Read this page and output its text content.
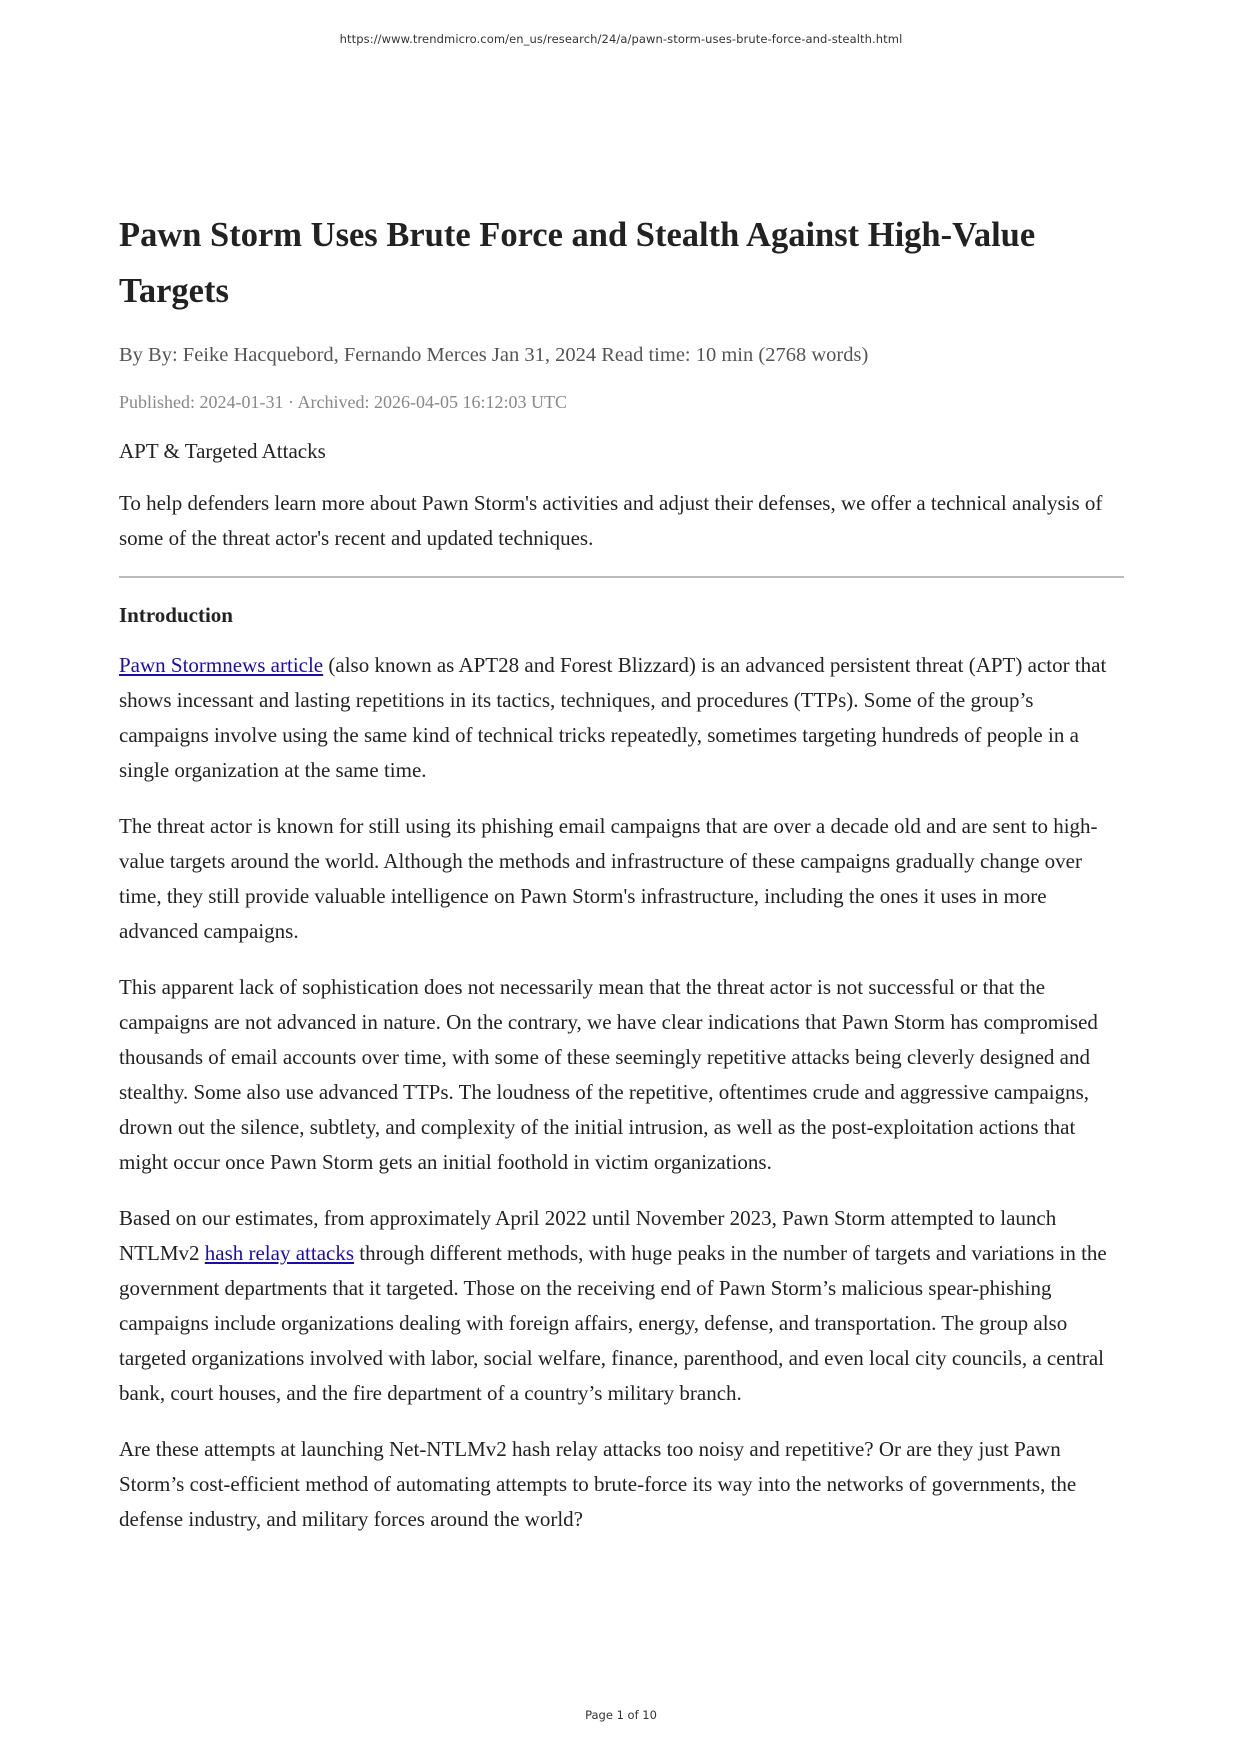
https://www.trendmicro.com/en_us/research/24/a/pawn-storm-uses-brute-force-and-stealth.html
Pawn Storm Uses Brute Force and Stealth Against High-Value Targets
By By: Feike Hacquebord, Fernando Merces Jan 31, 2024 Read time: 10 min (2768 words)
Published: 2024-01-31 · Archived: 2026-04-05 16:12:03 UTC
APT & Targeted Attacks
To help defenders learn more about Pawn Storm's activities and adjust their defenses, we offer a technical analysis of some of the threat actor's recent and updated techniques.
Introduction

Pawn Stormnews article (also known as APT28 and Forest Blizzard) is an advanced persistent threat (APT) actor that shows incessant and lasting repetitions in its tactics, techniques, and procedures (TTPs). Some of the group’s campaigns involve using the same kind of technical tricks repeatedly, sometimes targeting hundreds of people in a single organization at the same time.

The threat actor is known for still using its phishing email campaigns that are over a decade old and are sent to high-value targets around the world. Although the methods and infrastructure of these campaigns gradually change over time, they still provide valuable intelligence on Pawn Storm's infrastructure, including the ones it uses in more advanced campaigns.

This apparent lack of sophistication does not necessarily mean that the threat actor is not successful or that the campaigns are not advanced in nature. On the contrary, we have clear indications that Pawn Storm has compromised thousands of email accounts over time, with some of these seemingly repetitive attacks being cleverly designed and stealthy. Some also use advanced TTPs. The loudness of the repetitive, oftentimes crude and aggressive campaigns, drown out the silence, subtlety, and complexity of the initial intrusion, as well as the post-exploitation actions that might occur once Pawn Storm gets an initial foothold in victim organizations.

Based on our estimates, from approximately April 2022 until November 2023, Pawn Storm attempted to launch NTLMv2 hash relay attacks through different methods, with huge peaks in the number of targets and variations in the government departments that it targeted. Those on the receiving end of Pawn Storm’s malicious spear-phishing campaigns include organizations dealing with foreign affairs, energy, defense, and transportation. The group also targeted organizations involved with labor, social welfare, finance, parenthood, and even local city councils, a central bank, court houses, and the fire department of a country’s military branch.

Are these attempts at launching Net-NTLMv2 hash relay attacks too noisy and repetitive? Or are they just Pawn Storm’s cost-efficient method of automating attempts to brute-force its way into the networks of governments, the defense industry, and military forces around the world?

Page 1 of 10
